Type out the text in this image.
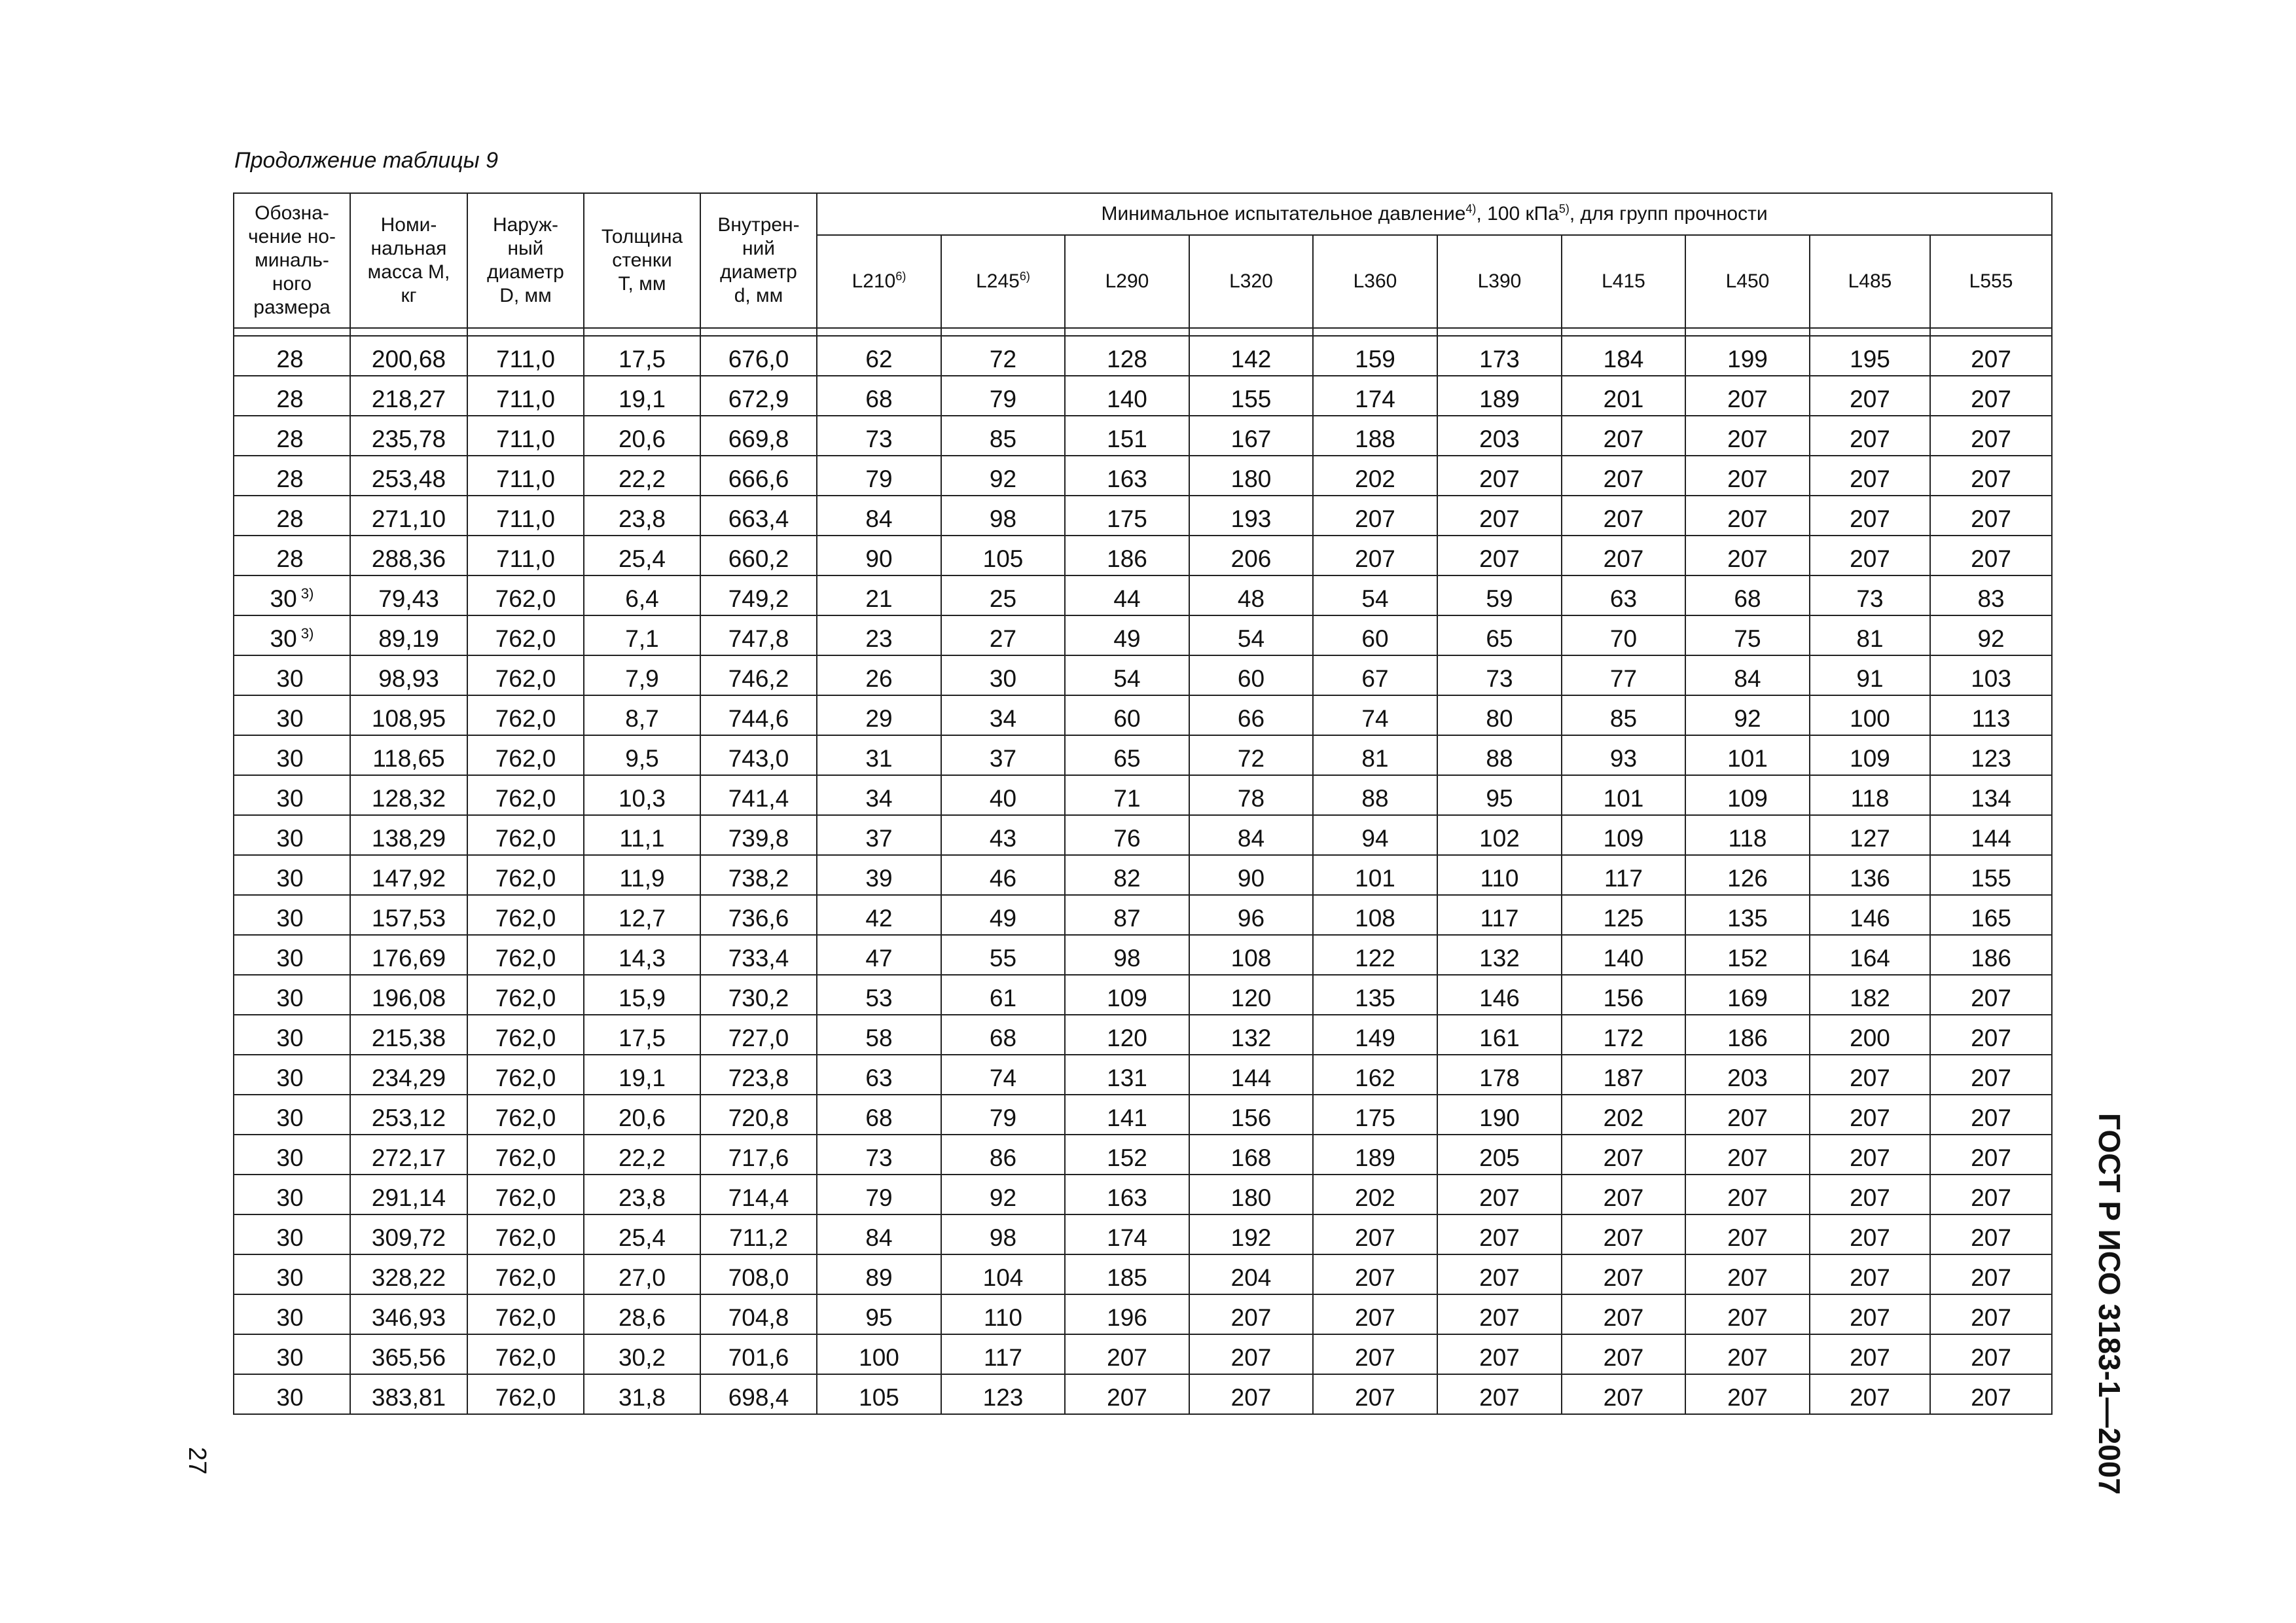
Продолжение таблицы 9
Обозна-
чение но-
миналь-
ного
размера	Номи-
нальная
масса M,
кг	Наруж-
ный
диаметр
D, мм	Толщина
стенки
T, мм	Внутрен-
ний
диаметр
d, мм	Минимальное испытательное давление$^{4)}$, 100 кПа$^{5)}$, для групп прочности									
					L210$^{6)}$	L245$^{6)}$	L290	L320	L360	L390	L415	L450	L485	L555

28	200,68	711,0	17,5	676,0	62	72	128	142	159	173	184	199	195	207
28	218,27	711,0	19,1	672,9	68	79	140	155	174	189	201	207	207	207
28	235,78	711,0	20,6	669,8	73	85	151	167	188	203	207	207	207	207
28	253,48	711,0	22,2	666,6	79	92	163	180	202	207	207	207	207	207
28	271,10	711,0	23,8	663,4	84	98	175	193	207	207	207	207	207	207
28	288,36	711,0	25,4	660,2	90	105	186	206	207	207	207	207	207	207
30 $^{3)}$	79,43	762,0	6,4	749,2	21	25	44	48	54	59	63	68	73	83
30 $^{3)}$	89,19	762,0	7,1	747,8	23	27	49	54	60	65	70	75	81	92
30	98,93	762,0	7,9	746,2	26	30	54	60	67	73	77	84	91	103
30	108,95	762,0	8,7	744,6	29	34	60	66	74	80	85	92	100	113
30	118,65	762,0	9,5	743,0	31	37	65	72	81	88	93	101	109	123
30	128,32	762,0	10,3	741,4	34	40	71	78	88	95	101	109	118	134
30	138,29	762,0	11,1	739,8	37	43	76	84	94	102	109	118	127	144
30	147,92	762,0	11,9	738,2	39	46	82	90	101	110	117	126	136	155
30	157,53	762,0	12,7	736,6	42	49	87	96	108	117	125	135	146	165
30	176,69	762,0	14,3	733,4	47	55	98	108	122	132	140	152	164	186
30	196,08	762,0	15,9	730,2	53	61	109	120	135	146	156	169	182	207
30	215,38	762,0	17,5	727,0	58	68	120	132	149	161	172	186	200	207
30	234,29	762,0	19,1	723,8	63	74	131	144	162	178	187	203	207	207
30	253,12	762,0	20,6	720,8	68	79	141	156	175	190	202	207	207	207
30	272,17	762,0	22,2	717,6	73	86	152	168	189	205	207	207	207	207
30	291,14	762,0	23,8	714,4	79	92	163	180	202	207	207	207	207	207
30	309,72	762,0	25,4	711,2	84	98	174	192	207	207	207	207	207	207
30	328,22	762,0	27,0	708,0	89	104	185	204	207	207	207	207	207	207
30	346,93	762,0	28,6	704,8	95	110	196	207	207	207	207	207	207	207
30	365,56	762,0	30,2	701,6	100	117	207	207	207	207	207	207	207	207
30	383,81	762,0	31,8	698,4	105	123	207	207	207	207	207	207	207	207	ГОСТ Р ИСО 3183-1—2007
27
